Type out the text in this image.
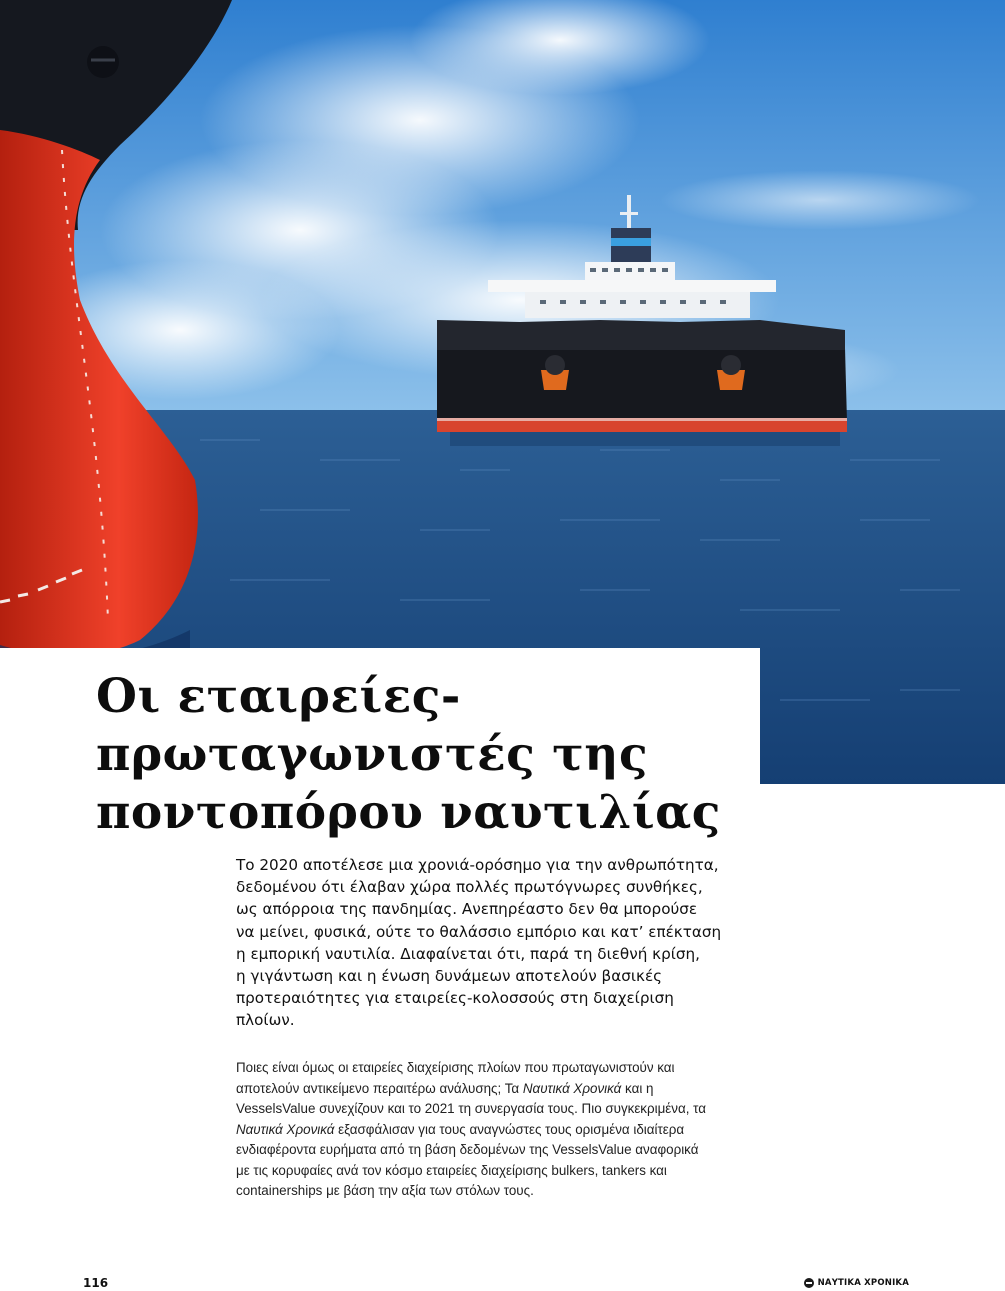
Οι εταιρείες-
πρωταγωνιστές της
ποντοπόρου ναυτιλίας

Το 2020 αποτέλεσε μια χρονιά-ορόσημο για την ανθρωπότητα,
δεδομένου ότι έλαβαν χώρα πολλές πρωτόγνωρες συνθήκες,
ως απόρροια της πανδημίας. Ανεπηρέαστο δεν θα μπορούσε
να μείνει, φυσικά, ούτε το θαλάσσιο εμπόριο και κατ’ επέκταση
η εμπορική ναυτιλία. Διαφαίνεται ότι, παρά τη διεθνή κρίση,
η γιγάντωση και η ένωση δυνάμεων αποτελούν βασικές
προτεραιότητες για εταιρείες-κολοσσούς στη διαχείριση
πλοίων.

Ποιες είναι όμως οι εταιρείες διαχείρισης πλοίων που πρωταγωνιστούν και
αποτελούν αντικείμενο περαιτέρω ανάλυσης; Τα Ναυτικά Χρονικά και η
VesselsValue συνεχίζουν και το 2021 τη συνεργασία τους. Πιο συγκεκριμένα, τα
Ναυτικά Χρονικά εξασφάλισαν για τους αναγνώστες τους ορισμένα ιδιαίτερα
ενδιαφέροντα ευρήματα από τη βάση δεδομένων της VesselsValue αναφορικά
με τις κορυφαίες ανά τον κόσμο εταιρείες διαχείρισης bulkers, tankers και
containerships με βάση την αξία των στόλων τους.

116	ΝΑΥΤΙΚΑ ΧΡΟΝΙΚΑ
